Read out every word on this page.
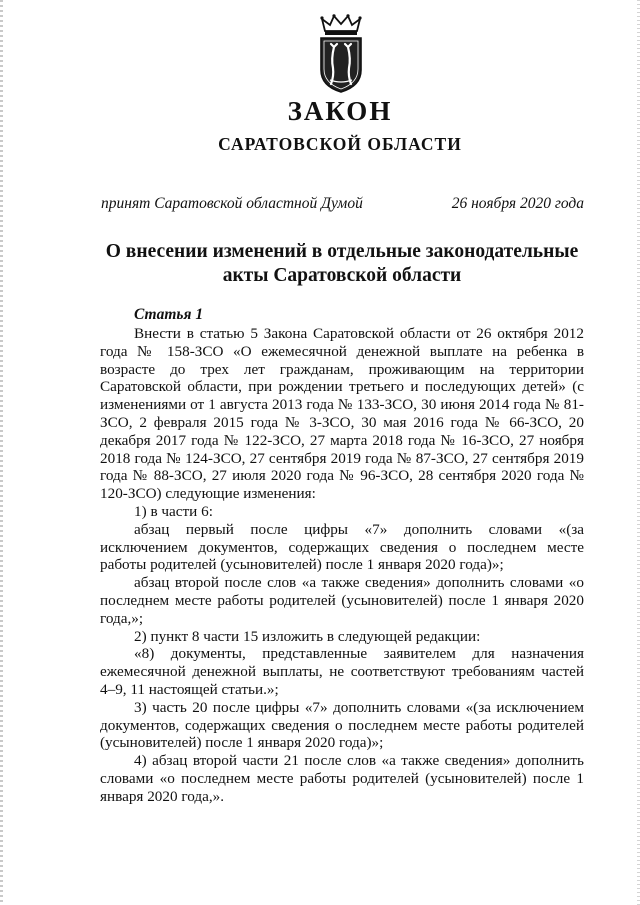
ЗАКОН
САРАТОВСКОЙ ОБЛАСТИ
принят Саратовской областной Думой	26 ноября 2020 года
О внесении изменений в отдельные законодательные
акты Саратовской области
Статья 1

Внести в статью 5 Закона Саратовской области от 26 октября 2012 года № 158-ЗСО «О ежемесячной денежной выплате на ребенка в возрасте до трех лет гражданам, проживающим на территории Саратовской области, при рождении третьего и последующих детей» (с изменениями от 1 августа 2013 года № 133-ЗСО, 30 июня 2014 года № 81-ЗСО, 2 февраля 2015 года № 3-ЗСО, 30 мая 2016 года № 66-ЗСО, 20 декабря 2017 года № 122-ЗСО, 27 марта 2018 года № 16-ЗСО, 27 ноября 2018 года № 124-ЗСО, 27 сентября 2019 года № 87-ЗСО, 27 сентября 2019 года № 88-ЗСО, 27 июля 2020 года № 96-ЗСО, 28 сентября 2020 года № 120-ЗСО) следующие изменения:

1) в части 6:

абзац первый после цифры «7» дополнить словами «(за исключением документов, содержащих сведения о последнем месте работы родителей (усыновителей) после 1 января 2020 года)»;

абзац второй после слов «а также сведения» дополнить словами «о последнем месте работы родителей (усыновителей) после 1 января 2020 года,»;

2) пункт 8 части 15 изложить в следующей редакции:

«8) документы, представленные заявителем для назначения ежемесячной денежной выплаты, не соответствуют требованиям частей 4–9, 11 настоящей статьи.»;

3) часть 20 после цифры «7» дополнить словами «(за исключением документов, содержащих сведения о последнем месте работы родителей (усыновителей) после 1 января 2020 года)»;

4) абзац второй части 21 после слов «а также сведения» дополнить словами «о последнем месте работы родителей (усыновителей) после 1 января 2020 года,».
